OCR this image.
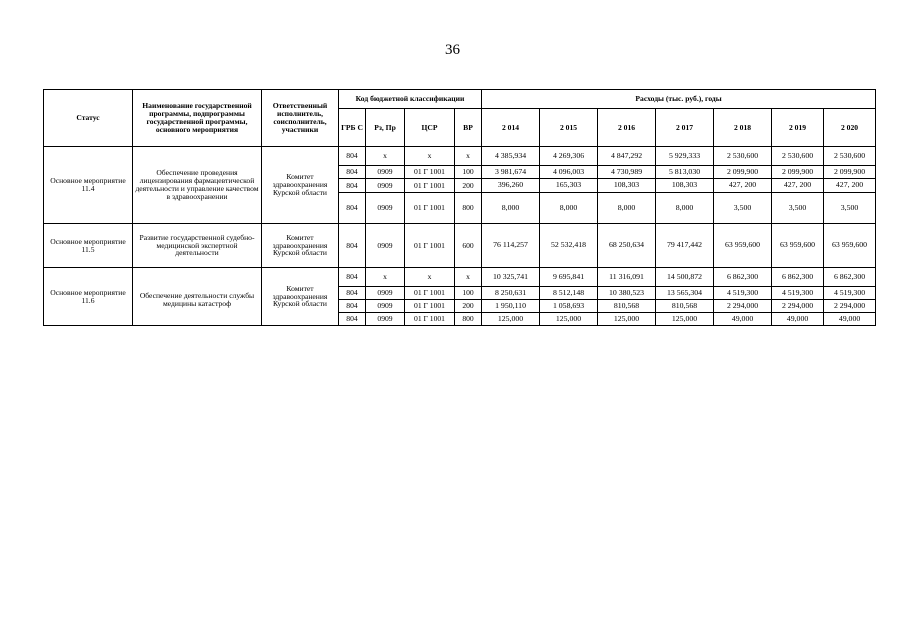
36
Статус	Наименование государственной программы, подпрограммы государственной программы, основного мероприятия	Ответственный исполнитель, соисполнитель, участники	Код бюджетной классификации				Расходы (тыс. руб.), годы						
			ГРБ С	Рз, Пр	ЦСР	ВР	2 014	2 015	2 016	2 017	2 018	2 019	2 020
Основное мероприятие 11.4	Обеспечение проведения лицензирования фармацевтической деятельности и управление качеством в здравоохранении	Комитет здравоохранения Курской области	804	х	х	х	4 385,934	4 269,306	4 847,292	5 929,333	2 530,600	2 530,600	2 530,600
			804	0909	01 Г 1001	100	3 981,674	4 096,003	4 730,989	5 813,030	2 099,900	2 099,900	2 099,900
			804	0909	01 Г 1001	200	396,260	165,303	108,303	108,303	427, 200	427, 200	427, 200
			804	0909	01 Г 1001	800	8,000	8,000	8,000	8,000	3,500	3,500	3,500
Основное мероприятие 11.5	Развитие государственной судебно-медицинской экспертной деятельности	Комитет здравоохранения Курской области	804	0909	01 Г 1001	600	76 114,257	52 532,418	68 250,634	79 417,442	63 959,600	63 959,600	63 959,600
Основное мероприятие 11.6	Обеспечение деятельности службы медицины катастроф	Комитет здравоохранения Курской области	804	х	х	х	10 325,741	9 695,841	11 316,091	14 500,872	6 862,300	6 862,300	6 862,300
			804	0909	01 Г 1001	100	8 250,631	8 512,148	10 380,523	13 565,304	4 519,300	4 519,300	4 519,300
			804	0909	01 Г 1001	200	1 950,110	1 058,693	810,568	810,568	2 294,000	2 294,000	2 294,000
			804	0909	01 Г 1001	800	125,000	125,000	125,000	125,000	49,000	49,000	49,000
